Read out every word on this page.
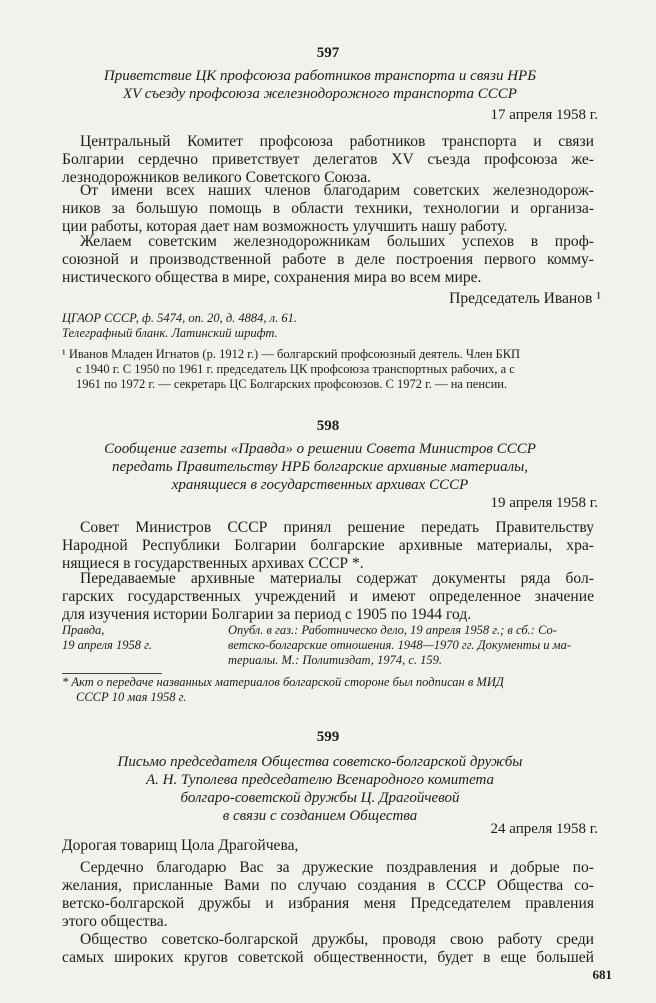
597
Приветствие ЦК профсоюза работников транспорта и связи НРБ
XV съезду профсоюза железнодорожного транспорта СССР
17 апреля 1958 г.
Центральный Комитет профсоюза работников транспорта и связи
Болгарии сердечно приветствует делегатов XV съезда профсоюза же-
лезнодорожников великого Советского Союза.
От имени всех наших членов благодарим советских железнодорож-
ников за большую помощь в области техники, технологии и организа-
ции работы, которая дает нам возможность улучшить нашу работу.
Желаем советским железнодорожникам больших успехов в проф-
союзной и производственной работе в деле построения первого комму-
нистического общества в мире, сохранения мира во всем мире.
Председатель Иванов ¹
ЦГАОР СССР, ф. 5474, оп. 20, д. 4884, л. 61.
Телеграфный бланк. Латинский шрифт.
¹ Иванов Младен Игнатов (р. 1912 г.) — болгарский профсоюзный деятель. Член БКП
с 1940 г. С 1950 по 1961 г. председатель ЦК профсоюза транспортных рабочих, а с
1961 по 1972 г. — секретарь ЦС Болгарских профсоюзов. С 1972 г. — на пенсии.
598
Сообщение газеты «Правда» о решении Совета Министров СССР
передать Правительству НРБ болгарские архивные материалы,
хранящиеся в государственных архивах СССР
19 апреля 1958 г.
Совет Министров СССР принял решение передать Правительству
Народной Республики Болгарии болгарские архивные материалы, хра-
нящиеся в государственных архивах СССР *.
Передаваемые архивные материалы содержат документы ряда бол-
гарских государственных учреждений и имеют определенное значение
для изучения истории Болгарии за период с 1905 по 1944 год.
Правда,
19 апреля 1958 г.
Опубл. в газ.: Работническо дело, 19 апреля 1958 г.; в сб.: Со-
ветско-болгарские отношения. 1948—1970 гг. Документы и ма-
териалы. М.: Политиздат, 1974, с. 159.
* Акт о передаче названных материалов болгарской стороне был подписан в МИД
СССР 10 мая 1958 г.
599
Письмо председателя Общества советско-болгарской дружбы
А. Н. Туполева председателю Всенародного комитета
болгаро-советской дружбы Ц. Драгойчевой
в связи с созданием Общества
24 апреля 1958 г.
Дорогая товарищ Цола Драгойчева,
Сердечно благодарю Вас за дружеские поздравления и добрые по-
желания, присланные Вами по случаю создания в СССР Общества со-
ветско-болгарской дружбы и избрания меня Председателем правления
этого общества.
Общество советско-болгарской дружбы, проводя свою работу среди
самых широких кругов советской общественности, будет в еще большей
681
